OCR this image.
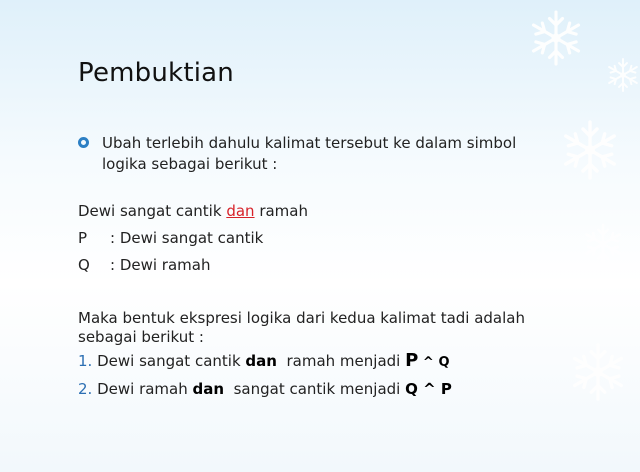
Pembuktian
Ubah terlebih dahulu kalimat tersebut ke dalam simbol logika sebagai berikut :
Dewi sangat cantik dan ramah
P : Dewi sangat cantik
Q : Dewi ramah
Maka bentuk ekspresi logika dari kedua kalimat tadi adalah sebagai berikut :
1. Dewi sangat cantik dan  ramah menjadi P ^ Q
2. Dewi ramah dan  sangat cantik menjadi Q ^ P
